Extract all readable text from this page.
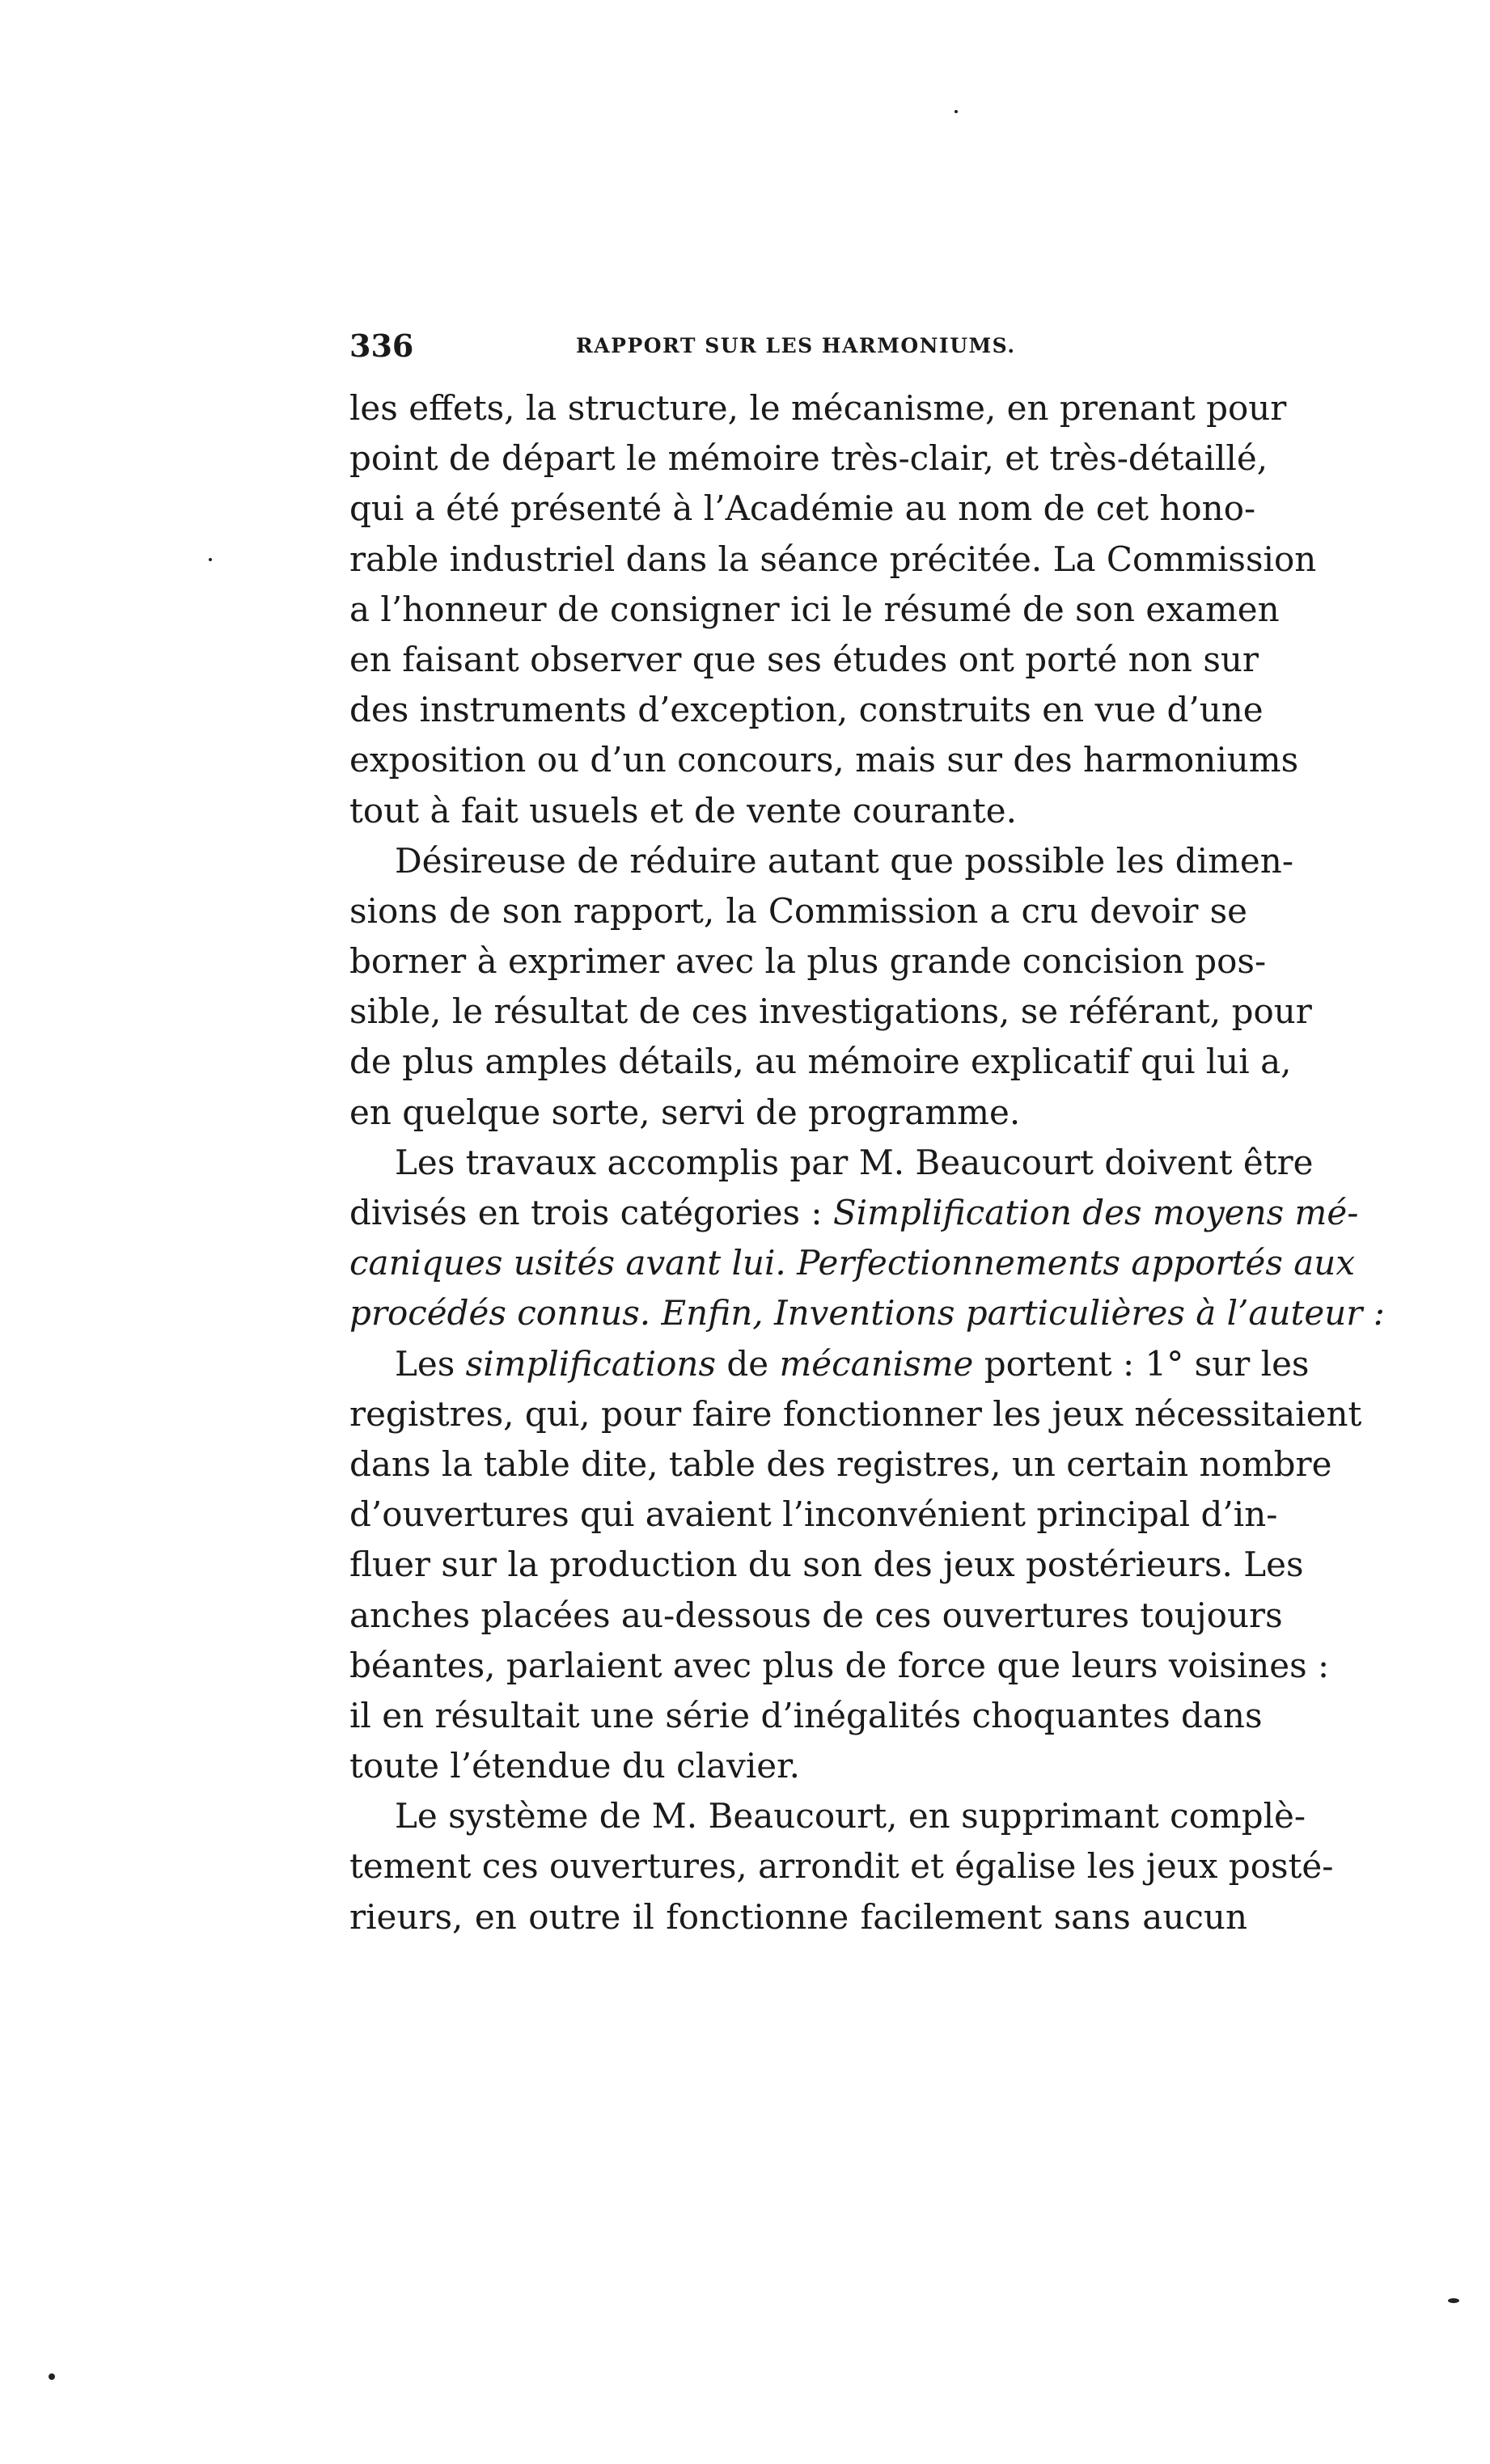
336	RAPPORT SUR LES HARMONIUMS.
les effets, la structure, le mécanisme, en prenant pour
point de départ le mémoire très-clair, et très-détaillé,
qui a été présenté à l’Académie au nom de cet hono-
rable industriel dans la séance précitée. La Commission
a l’honneur de consigner ici le résumé de son examen
en faisant observer que ses études ont porté non sur
des instruments d’exception, construits en vue d’une
exposition ou d’un concours, mais sur des harmoniums
tout à fait usuels et de vente courante.
Désireuse de réduire autant que possible les dimen-
sions de son rapport, la Commission a cru devoir se
borner à exprimer avec la plus grande concision pos-
sible, le résultat de ces investigations, se référant, pour
de plus amples détails, au mémoire explicatif qui lui a,
en quelque sorte, servi de programme.
Les travaux accomplis par M. Beaucourt doivent être
divisés en trois catégories : Simplification des moyens mé-
caniques usités avant lui. Perfectionnements apportés aux
procédés connus. Enfin, Inventions particulières à l’auteur :
Les simplifications de mécanisme portent : 1° sur les
registres, qui, pour faire fonctionner les jeux nécessitaient
dans la table dite, table des registres, un certain nombre
d’ouvertures qui avaient l’inconvénient principal d’in-
fluer sur la production du son des jeux postérieurs. Les
anches placées au-dessous de ces ouvertures toujours
béantes, parlaient avec plus de force que leurs voisines :
il en résultait une série d’inégalités choquantes dans
toute l’étendue du clavier.
Le système de M. Beaucourt, en supprimant complè-
tement ces ouvertures, arrondit et égalise les jeux posté-
rieurs, en outre il fonctionne facilement sans aucun
